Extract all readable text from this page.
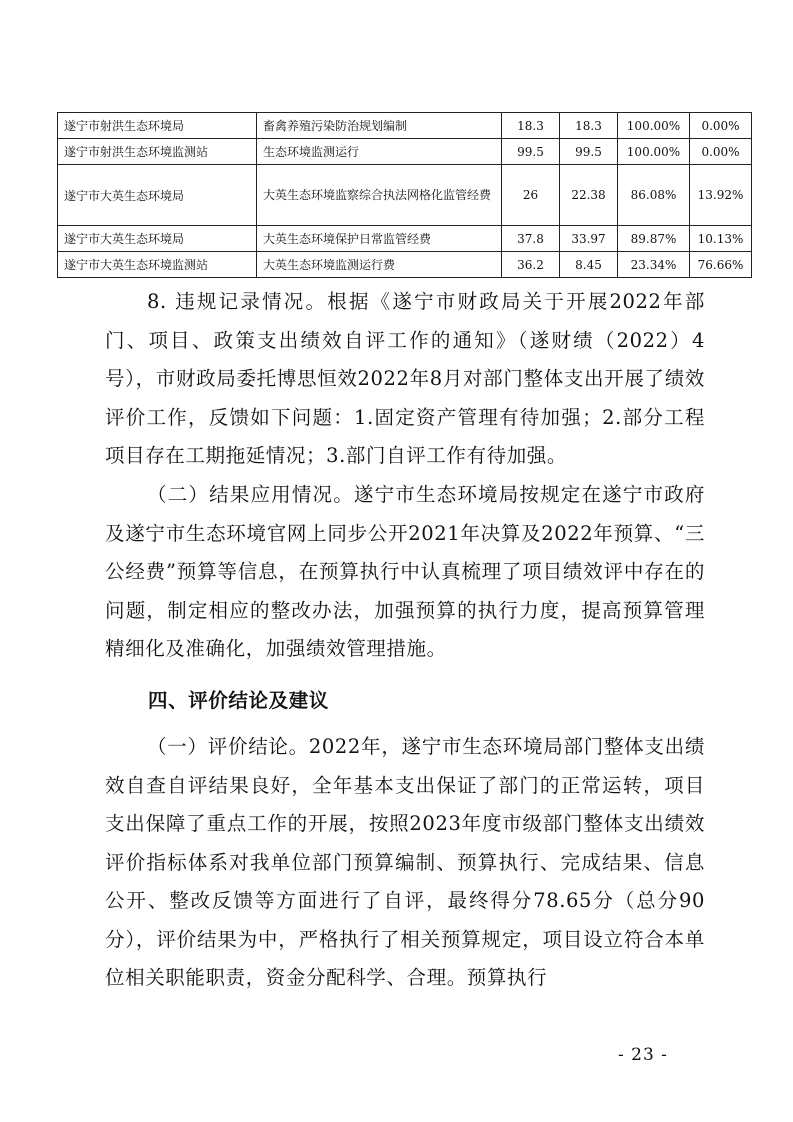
遂宁市射洪生态环境局	畜禽养殖污染防治规划编制	18.3	18.3	100.00%	0.00%
遂宁市射洪生态环境监测站	生态环境监测运行	99.5	99.5	100.00%	0.00%
遂宁市大英生态环境局	大英生态环境监察综合执法网格化监管经费	26	22.38	86.08%	13.92%
遂宁市大英生态环境局	大英生态环境保护日常监管经费	37.8	33.97	89.87%	10.13%
遂宁市大英生态环境监测站	大英生态环境监测运行费	36.2	8.45	23.34%	76.66%

8. 违规记录情况。根据《遂宁市财政局关于开展2022年部门、项目、政策支出绩效自评工作的通知》（遂财绩（2022）4号），市财政局委托博思恒效2022年8月对部门整体支出开展了绩效评价工作，反馈如下问题：1.固定资产管理有待加强；2.部分工程项目存在工期拖延情况；3.部门自评工作有待加强。

（二）结果应用情况。遂宁市生态环境局按规定在遂宁市政府及遂宁市生态环境官网上同步公开2021年决算及2022年预算、“三公经费”预算等信息，在预算执行中认真梳理了项目绩效评中存在的问题，制定相应的整改办法，加强预算的执行力度，提高预算管理精细化及准确化，加强绩效管理措施。

四、评价结论及建议

（一）评价结论。2022年，遂宁市生态环境局部门整体支出绩效自查自评结果良好，全年基本支出保证了部门的正常运转，项目支出保障了重点工作的开展，按照2023年度市级部门整体支出绩效评价指标体系对我单位部门预算编制、预算执行、完成结果、信息公开、整改反馈等方面进行了自评，最终得分78.65分（总分90分），评价结果为中，严格执行了相关预算规定，项目设立符合本单位相关职能职责，资金分配科学、合理。预算执行

- 23 -
